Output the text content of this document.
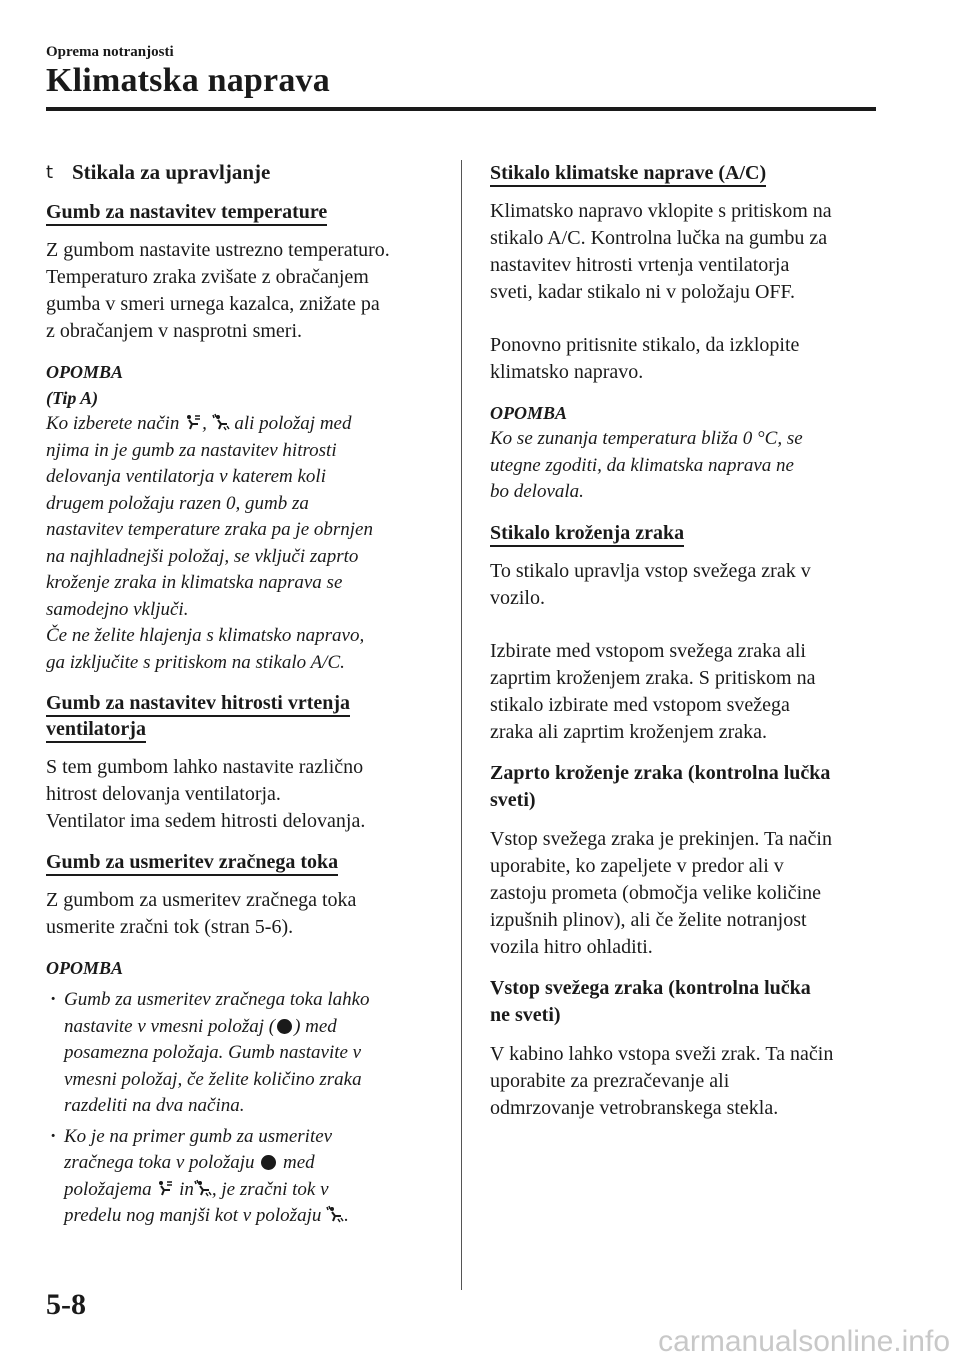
Oprema notranjosti
Klimatska naprava
t Stikala za upravljanje
Gumb za nastavitev temperature

Z gumbom nastavite ustrezno temperaturo.
Temperaturo zraka zvišate z obračanjem
gumba v smeri urnega kazalca, znižate pa
z obračanjem v nasprotni smeri.

OPOMBA

(Tip A)

Ko izberete način , ali položaj med
njima in je gumb za nastavitev hitrosti
delovanja ventilatorja v katerem koli
drugem položaju razen 0, gumb za
nastavitev temperature zraka pa je obrnjen
na najhladnejši položaj, se vključi zaprto
kroženje zraka in klimatska naprava se
samodejno vključi.
Če ne želite hlajenja s klimatsko napravo,
ga izključite s pritiskom na stikalo A/C.

Gumb za nastavitev hitrosti vrtenja
ventilatorja

S tem gumbom lahko nastavite različno
hitrost delovanja ventilatorja.
Ventilator ima sedem hitrosti delovanja.

Gumb za usmeritev zračnega toka

Z gumbom za usmeritev zračnega toka
usmerite zračni tok (stran 5-6).

OPOMBA

· Gumb za usmeritev zračnega toka lahko
nastavite v vmesni položaj ( ) med
posamezna položaja. Gumb nastavite v
vmesni položaj, če želite količino zraka
razdeliti na dva načina.
· Ko je na primer gumb za usmeritev
zračnega toka v položaju med
položajema in , je zračni tok v
predelu nog manjši kot v položaju .
Stikalo klimatske naprave (A/C)

Klimatsko napravo vklopite s pritiskom na
stikalo A/C. Kontrolna lučka na gumbu za
nastavitev hitrosti vrtenja ventilatorja
sveti, kadar stikalo ni v položaju OFF.

Ponovno pritisnite stikalo, da izklopite
klimatsko napravo.

OPOMBA

Ko se zunanja temperatura bliža 0 °C, se
utegne zgoditi, da klimatska naprava ne
bo delovala.

Stikalo kroženja zraka

To stikalo upravlja vstop svežega zrak v
vozilo.

Izbirate med vstopom svežega zraka ali
zaprtim kroženjem zraka. S pritiskom na
stikalo izbirate med vstopom svežega
zraka ali zaprtim kroženjem zraka.

Zaprto kroženje zraka (kontrolna lučka
sveti)

Vstop svežega zraka je prekinjen. Ta način
uporabite, ko zapeljete v predor ali v
zastoju prometa (območja velike količine
izpušnih plinov), ali če želite notranjost
vozila hitro ohladiti.

Vstop svežega zraka (kontrolna lučka
ne sveti)

V kabino lahko vstopa sveži zrak. Ta način
uporabite za prezračevanje ali
odmrzovanje vetrobranskega stekla.

5-8
carmanualsonline.info
